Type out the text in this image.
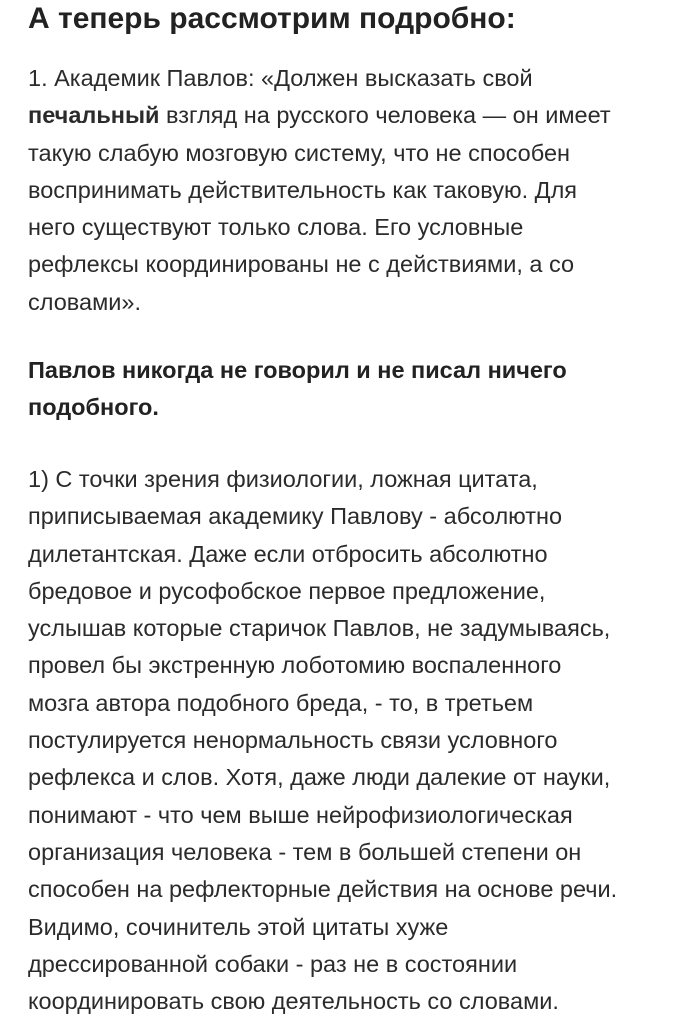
А теперь рассмотрим подробно:

1. Академик Павлов: «Должен высказать свой
печальный взгляд на русского человека — он имеет
такую слабую мозговую систему, что не способен
воспринимать действительность как таковую. Для
него существуют только слова. Его условные
рефлексы координированы не с действиями, а со
словами».

Павлов никогда не говорил и не писал ничего
подобного.

1) С точки зрения физиологии, ложная цитата,
приписываемая академику Павлову - абсолютно
дилетантская. Даже если отбросить абсолютно
бредовое и русофобское первое предложение,
услышав которые старичок Павлов, не задумываясь,
провел бы экстренную лоботомию воспаленного
мозга автора подобного бреда, - то, в третьем
постулируется ненормальность связи условного
рефлекса и слов. Хотя, даже люди далекие от науки,
понимают - что чем выше нейрофизиологическая
организация человека - тем в большей степени он
способен на рефлекторные действия на основе речи.
Видимо, сочинитель этой цитаты хуже
дрессированной собаки - раз не в состоянии
координировать свою деятельность со словами.
